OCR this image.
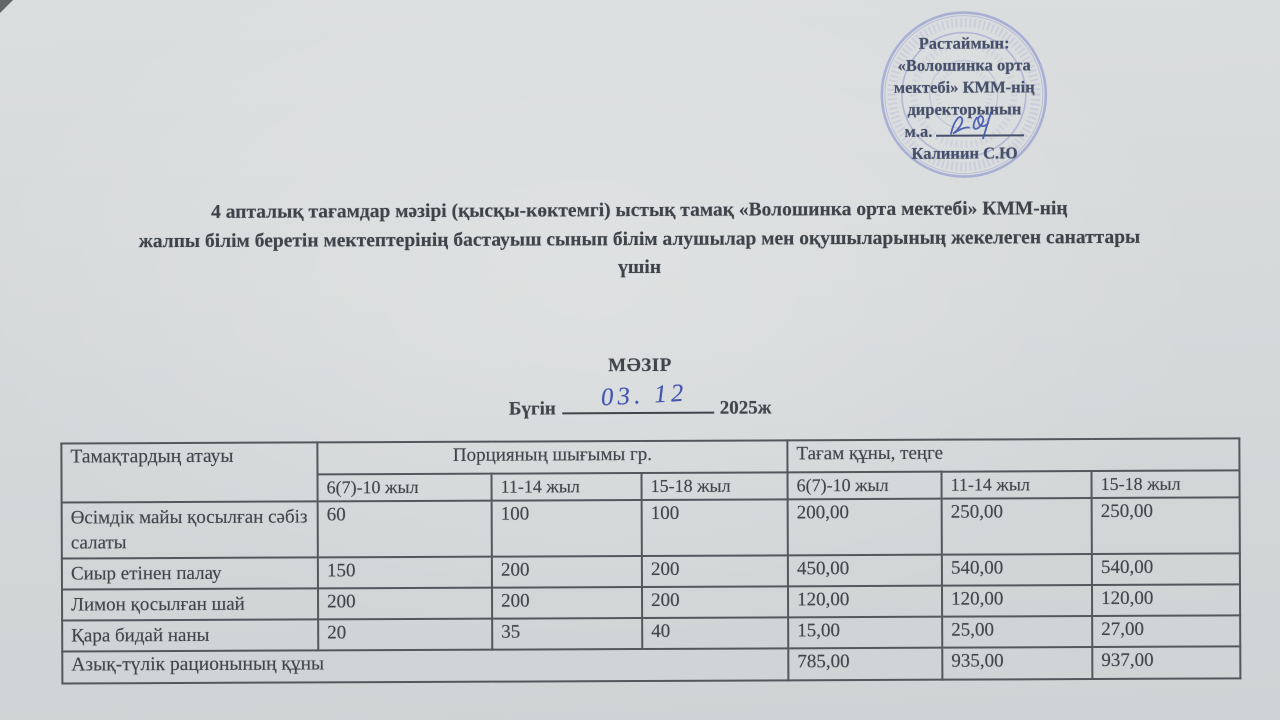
Растаймын:
«Волошинка орта
мектебі» КММ-нің
директорынын
м.а.
Калинин С.Ю
4 апталық тағамдар мәзірі (қысқы-көктемгі) ыстық тамақ «Волошинка орта мектебі» КММ-нің
жалпы білім беретін мектептерінің бастауыш сынып білім алушылар мен оқушыларының жекелеген санаттары
үшін
МӘЗІР
Бүгін	03. 12	2025ж
Тамақтардың атауы	Порцияның шығымы гр.			Тағам құны, теңге		
	6(7)-10 жыл	11-14 жыл	15-18 жыл	6(7)-10 жыл	11-14 жыл	15-18 жыл
Өсімдік майы қосылған сәбіз салаты	60	100	100	200,00	250,00	250,00
Сиыр етінен палау	150	200	200	450,00	540,00	540,00
Лимон қосылған шай	200	200	200	120,00	120,00	120,00
Қара бидай наны	20	35	40	15,00	25,00	27,00
Азық-түлік рационының құны				785,00	935,00	937,00
